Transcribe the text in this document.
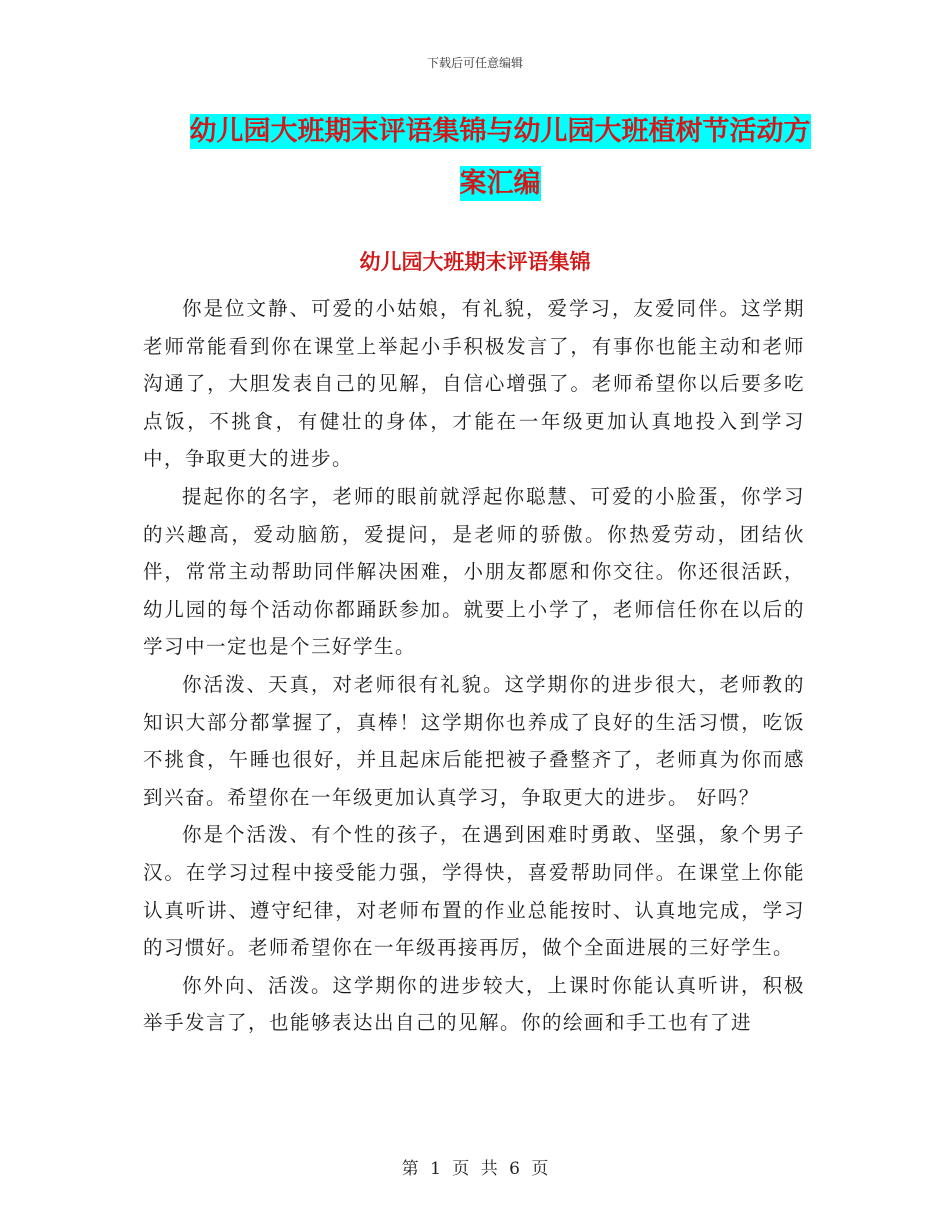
下载后可任意编辑
幼儿园大班期末评语集锦与幼儿园大班植树节活动方
案汇编
幼儿园大班期末评语集锦

你是位文静、可爱的小姑娘，有礼貌，爱学习，友爱同伴。这学期老师常能看到你在课堂上举起小手积极发言了，有事你也能主动和老师沟通了，大胆发表自己的见解，自信心增强了。老师希望你以后要多吃点饭，不挑食，有健壮的身体，才能在一年级更加认真地投入到学习中，争取更大的进步。

提起你的名字，老师的眼前就浮起你聪慧、可爱的小脸蛋，你学习的兴趣高，爱动脑筋，爱提问，是老师的骄傲。你热爱劳动，团结伙伴，常常主动帮助同伴解决困难，小朋友都愿和你交往。你还很活跃，幼儿园的每个活动你都踊跃参加。就要上小学了，老师信任你在以后的学习中一定也是个三好学生。

你活泼、天真，对老师很有礼貌。这学期你的进步很大，老师教的知识大部分都掌握了，真棒！这学期你也养成了良好的生活习惯，吃饭不挑食，午睡也很好，并且起床后能把被子叠整齐了，老师真为你而感到兴奋。希望你在一年级更加认真学习，争取更大的进步。 好吗？

你是个活泼、有个性的孩子，在遇到困难时勇敢、坚强，象个男子汉。在学习过程中接受能力强，学得快，喜爱帮助同伴。在课堂上你能认真听讲、遵守纪律，对老师布置的作业总能按时、认真地完成，学习的习惯好。老师希望你在一年级再接再厉，做个全面进展的三好学生。

你外向、活泼。这学期你的进步较大，上课时你能认真听讲，积极举手发言了，也能够表达出自己的见解。你的绘画和手工也有了进

第 1 页 共 6 页
